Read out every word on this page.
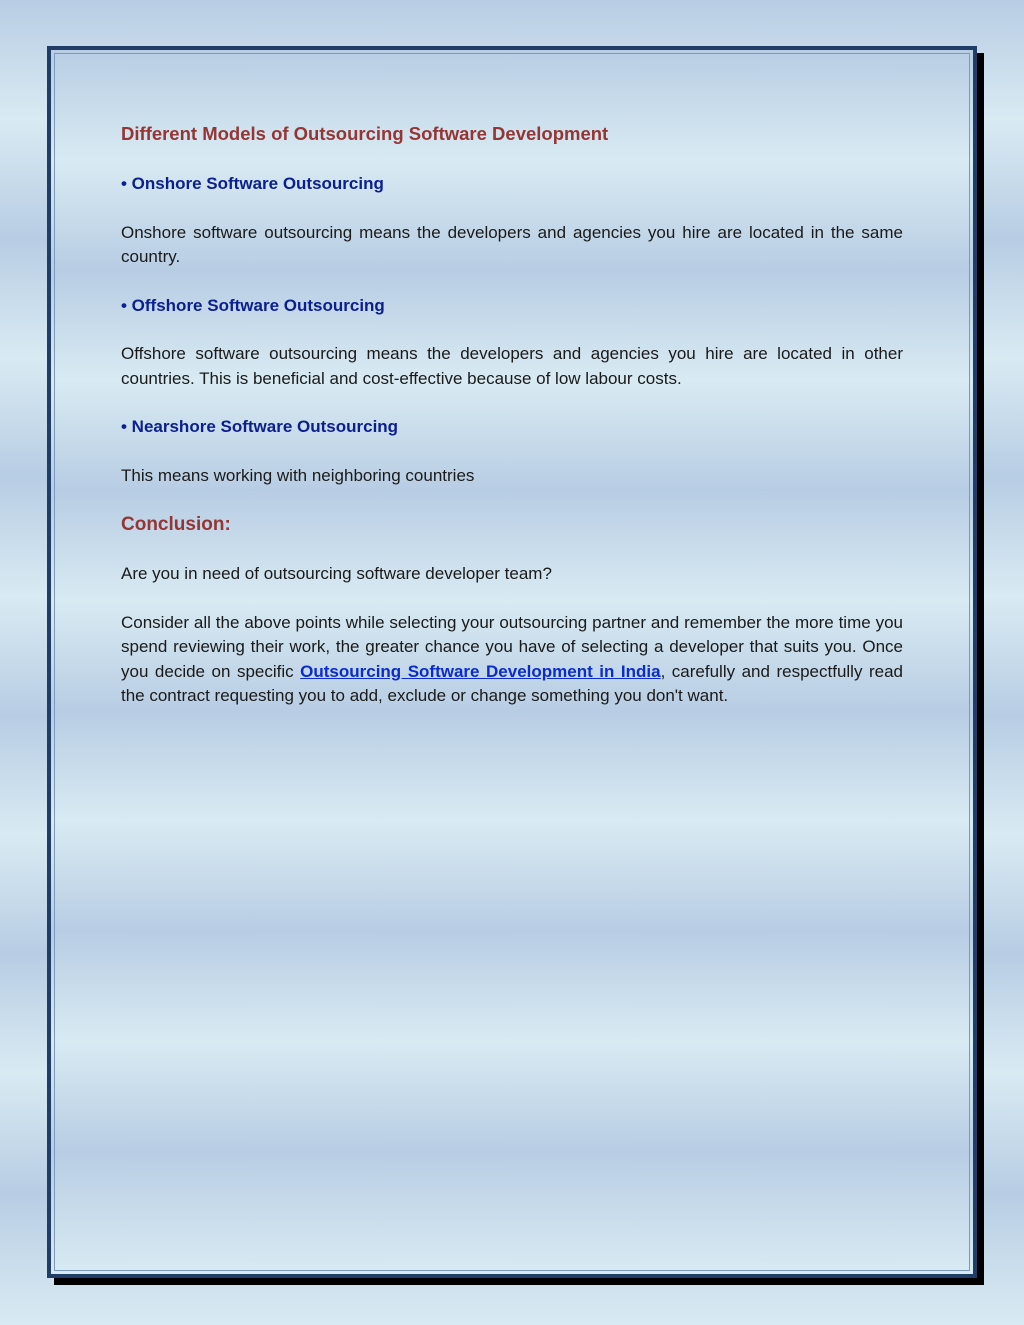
Different Models of Outsourcing Software Development
• Onshore Software Outsourcing

Onshore software outsourcing means the developers and agencies you hire are located in the same country.

• Offshore Software Outsourcing

Offshore software outsourcing means the developers and agencies you hire are located in other countries. This is beneficial and cost-effective because of low labour costs.

• Nearshore Software Outsourcing

This means working with neighboring countries

Conclusion:

Are you in need of outsourcing software developer team?

Consider all the above points while selecting your outsourcing partner and remember the more time you spend reviewing their work, the greater chance you have of selecting a developer that suits you. Once you decide on specific Outsourcing Software Development in India, carefully and respectfully read the contract requesting you to add, exclude or change something you don't want.
